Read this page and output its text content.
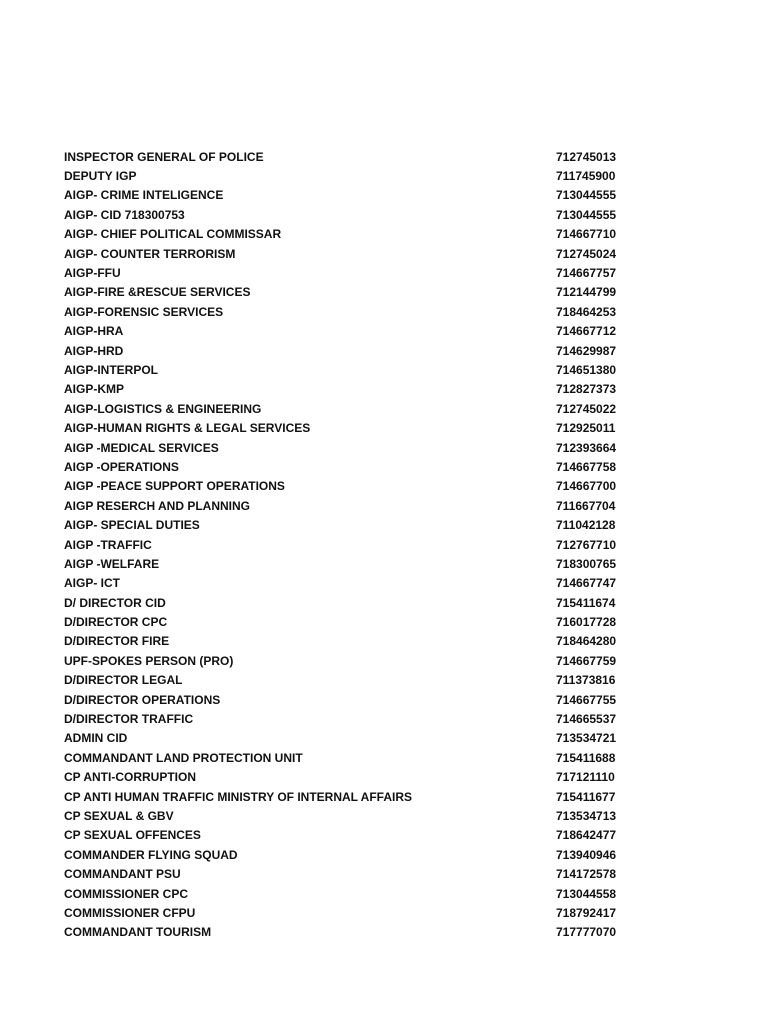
INSPECTOR GENERAL OF POLICE	712745013
DEPUTY IGP	711745900
AIGP- CRIME INTELIGENCE	713044555
AIGP- CID 718300753	713044555
AIGP- CHIEF POLITICAL COMMISSAR	714667710
AIGP- COUNTER TERRORISM	712745024
AIGP-FFU	714667757
AIGP-FIRE &RESCUE SERVICES	712144799
AIGP-FORENSIC SERVICES	718464253
AIGP-HRA	714667712
AIGP-HRD	714629987
AIGP-INTERPOL	714651380
AIGP-KMP	712827373
AIGP-LOGISTICS & ENGINEERING	712745022
AIGP-HUMAN RIGHTS & LEGAL SERVICES	712925011
AIGP -MEDICAL SERVICES	712393664
AIGP -OPERATIONS	714667758
AIGP -PEACE SUPPORT OPERATIONS	714667700
AIGP RESERCH AND PLANNING	711667704
AIGP- SPECIAL DUTIES	711042128
AIGP -TRAFFIC	712767710
AIGP -WELFARE	718300765
AIGP- ICT	714667747
D/ DIRECTOR CID	715411674
D/DIRECTOR CPC	716017728
D/DIRECTOR FIRE	718464280
UPF-SPOKES PERSON (PRO)	714667759
D/DIRECTOR LEGAL	711373816
D/DIRECTOR OPERATIONS	714667755
D/DIRECTOR TRAFFIC	714665537
ADMIN CID	713534721
COMMANDANT LAND PROTECTION UNIT	715411688
CP ANTI-CORRUPTION	717121110
CP ANTI HUMAN TRAFFIC MINISTRY OF INTERNAL AFFAIRS	715411677
CP SEXUAL & GBV	713534713
CP SEXUAL OFFENCES	718642477
COMMANDER FLYING SQUAD	713940946
COMMANDANT PSU	714172578
COMMISSIONER CPC	713044558
COMMISSIONER CFPU	718792417
COMMANDANT TOURISM	717777070
